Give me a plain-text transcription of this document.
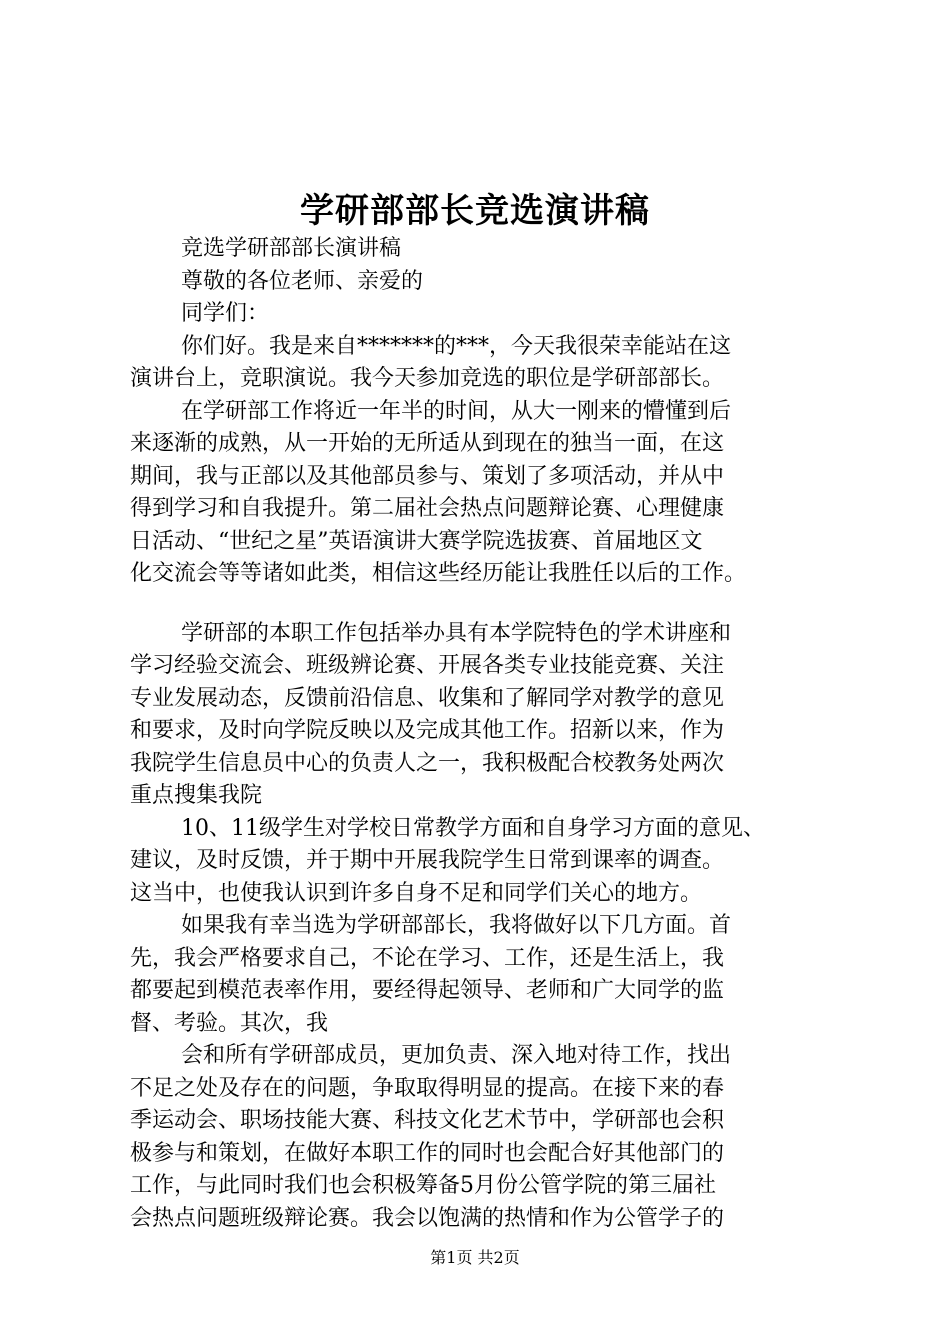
学研部部长竞选演讲稿
竞选学研部部长演讲稿
尊敬的各位老师、亲爱的
同学们：
你们好。我是来自*******的***，今天我很荣幸能站在这
演讲台上，竞职演说。我今天参加竞选的职位是学研部部长。
在学研部工作将近一年半的时间，从大一刚来的懵懂到后
来逐渐的成熟，从一开始的无所适从到现在的独当一面，在这
期间，我与正部以及其他部员参与、策划了多项活动，并从中
得到学习和自我提升。第二届社会热点问题辩论赛、心理健康
日活动、“世纪之星”英语演讲大赛学院选拔赛、首届地区文
化交流会等等诸如此类，相信这些经历能让我胜任以后的工作。
学研部的本职工作包括举办具有本学院特色的学术讲座和
学习经验交流会、班级辨论赛、开展各类专业技能竞赛、关注
专业发展动态，反馈前沿信息、收集和了解同学对教学的意见
和要求，及时向学院反映以及完成其他工作。招新以来，作为
我院学生信息员中心的负责人之一，我积极配合校教务处两次
重点搜集我院
10、11级学生对学校日常教学方面和自身学习方面的意见、
建议，及时反馈，并于期中开展我院学生日常到课率的调查。
这当中，也使我认识到许多自身不足和同学们关心的地方。
如果我有幸当选为学研部部长，我将做好以下几方面。首
先，我会严格要求自己，不论在学习、工作，还是生活上，我
都要起到模范表率作用，要经得起领导、老师和广大同学的监
督、考验。其次，我
会和所有学研部成员，更加负责、深入地对待工作，找出
不足之处及存在的问题，争取取得明显的提高。在接下来的春
季运动会、职场技能大赛、科技文化艺术节中，学研部也会积
极参与和策划，在做好本职工作的同时也会配合好其他部门的
工作，与此同时我们也会积极筹备5月份公管学院的第三届社
会热点问题班级辩论赛。我会以饱满的热情和作为公管学子的
第1页 共2页
